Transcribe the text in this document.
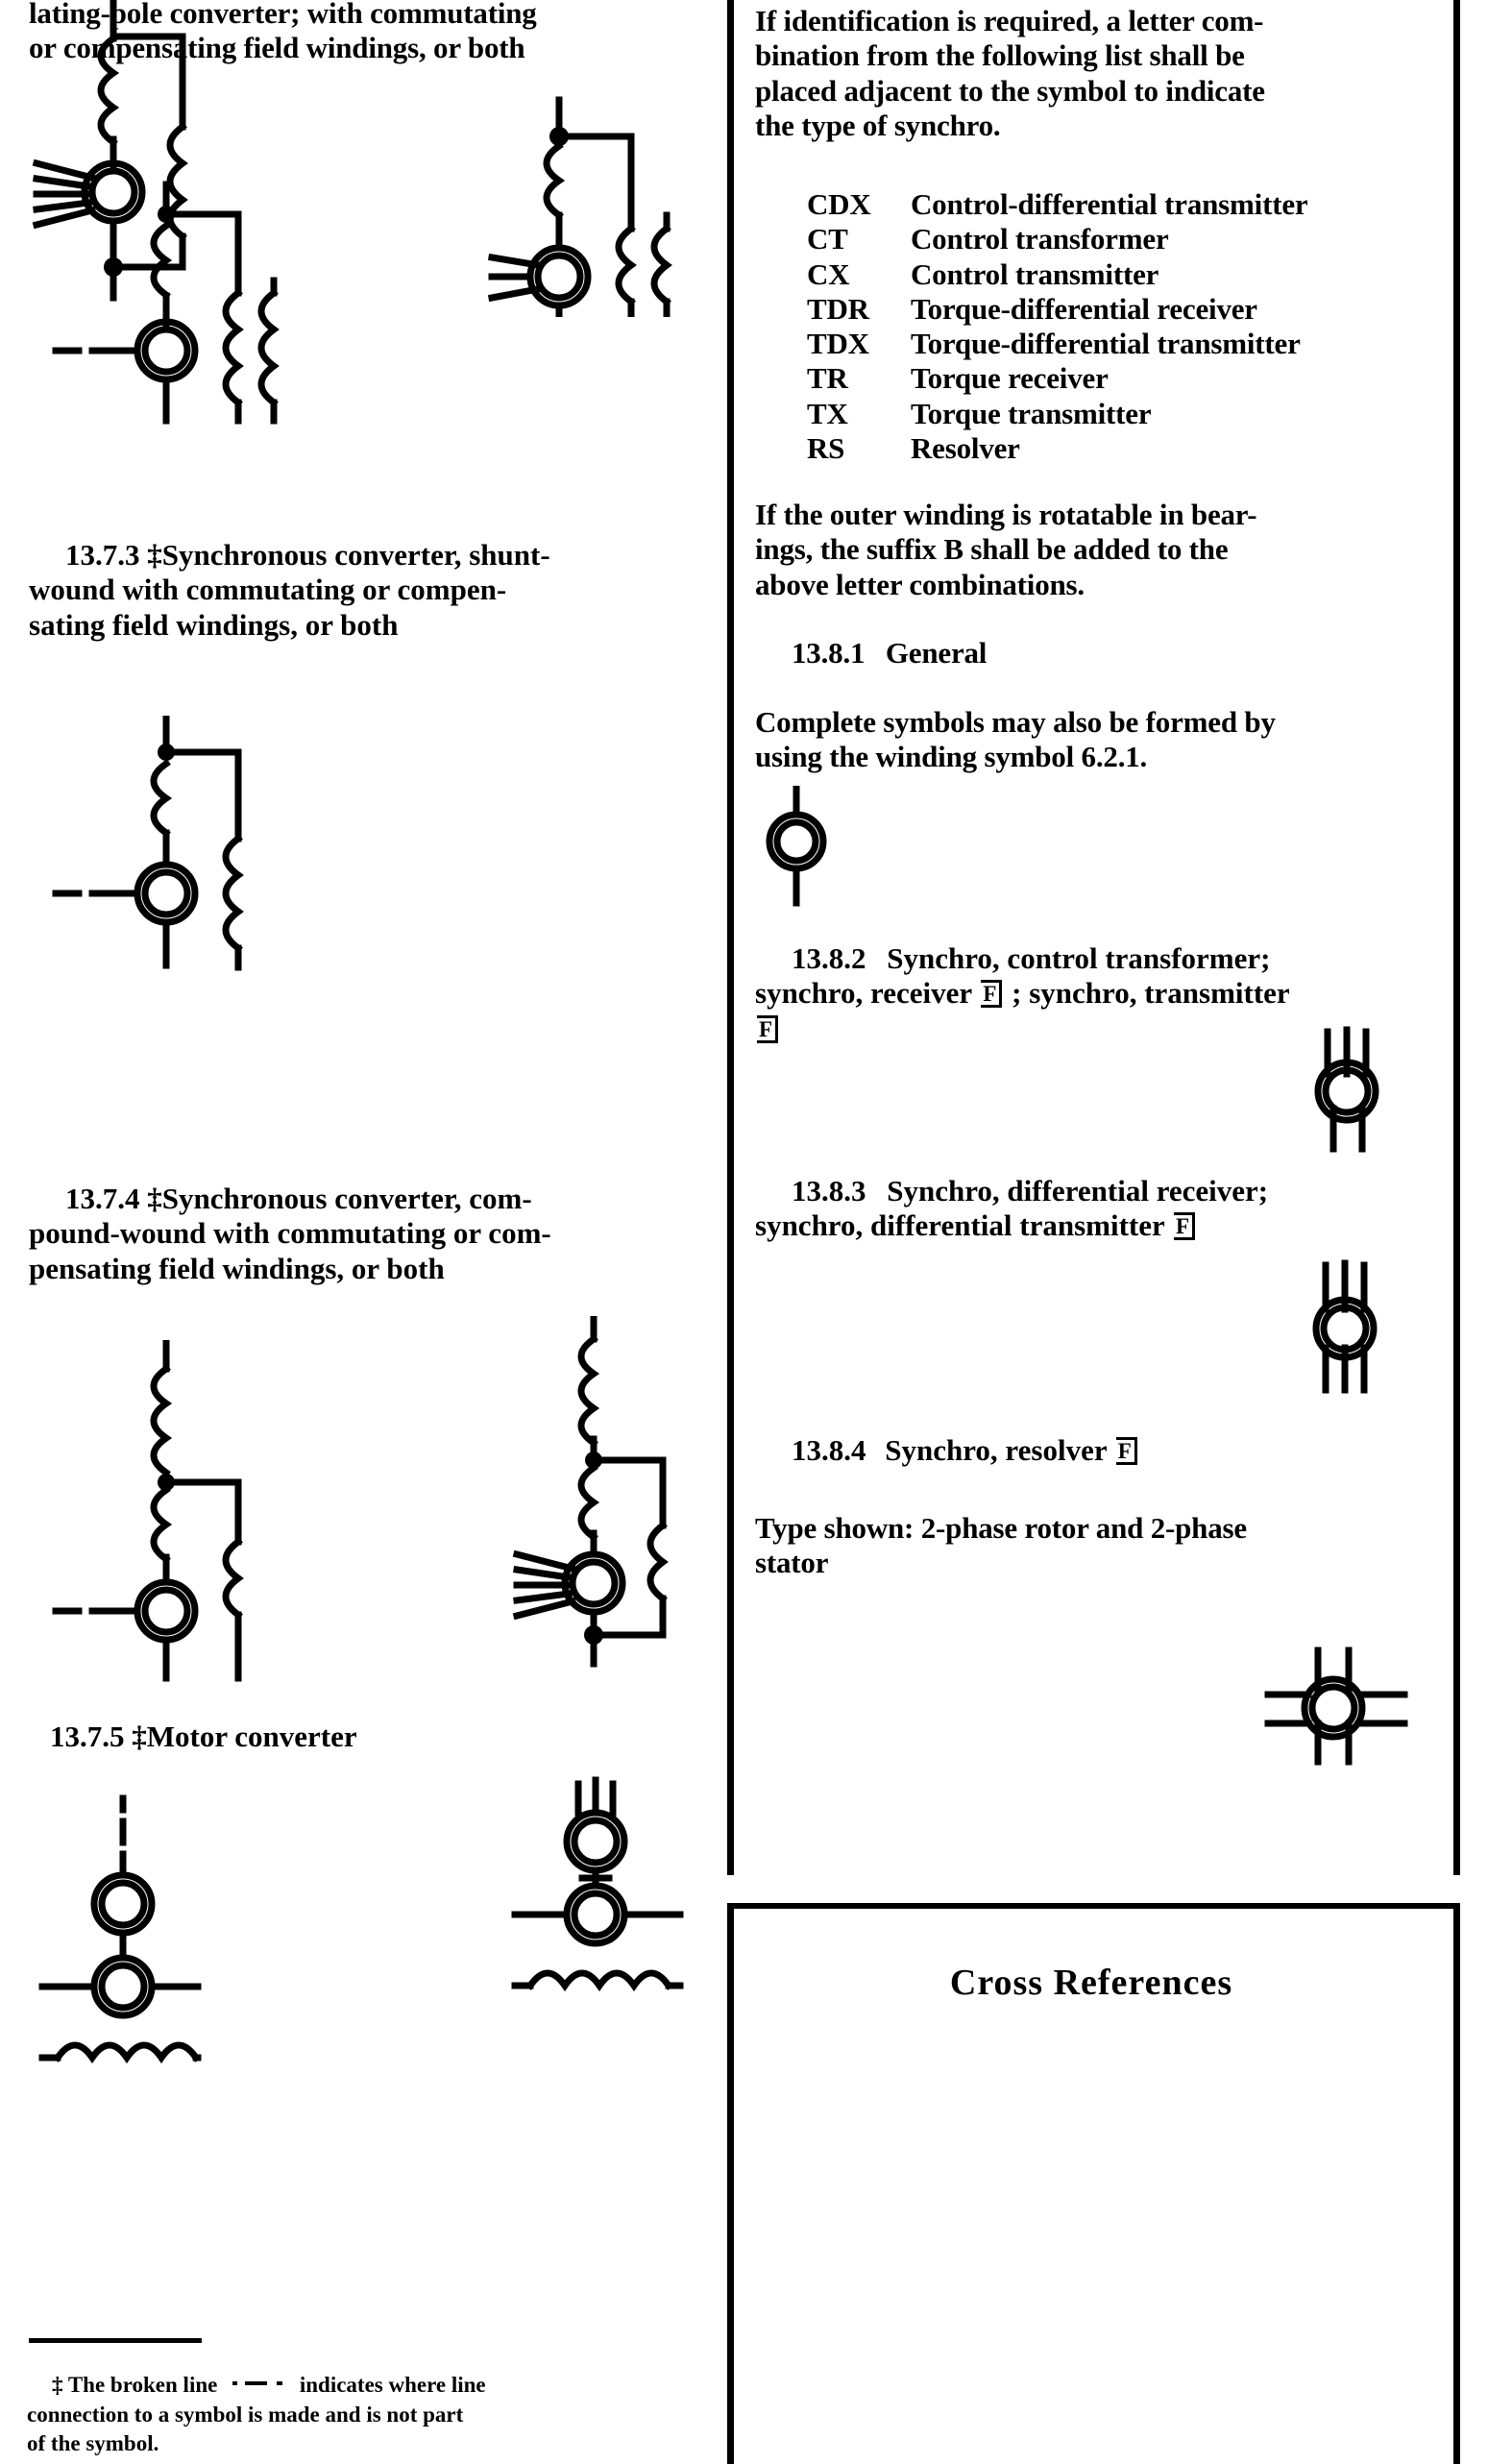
lating-pole converter; with commutating
or compensating field windings, or both
13.7.3 ‡Synchronous converter, shunt-
wound with commutating or compen-
sating field windings, or both
13.7.4 ‡Synchronous converter, com-
pound-wound with commutating or com-
pensating field windings, or both
13.7.5 ‡Motor converter
‡ The broken line	indicates where line
connection to a symbol is made and is not part
of the symbol.
If identification is required, a letter com-
bination from the following list shall be
placed adjacent to the symbol to indicate
the type of synchro.
CDX	Control-differential transmitter
CT	Control transformer
CX	Control transmitter
TDR	Torque-differential receiver
TDX	Torque-differential transmitter
TR	Torque receiver
TX	Torque transmitter
RS	Resolver
If the outer winding is rotatable in bear-
ings, the suffix B shall be added to the
above letter combinations.
13.8.1 General
Complete symbols may also be formed by
using the winding symbol 6.2.1.
13.8.2 Synchro, control transformer;
synchro, receiver F ; synchro, transmitter
F
13.8.3 Synchro, differential receiver;
synchro, differential transmitter F
13.8.4 Synchro, resolver F
Type shown: 2-phase rotor and 2-phase
stator
Cross References
